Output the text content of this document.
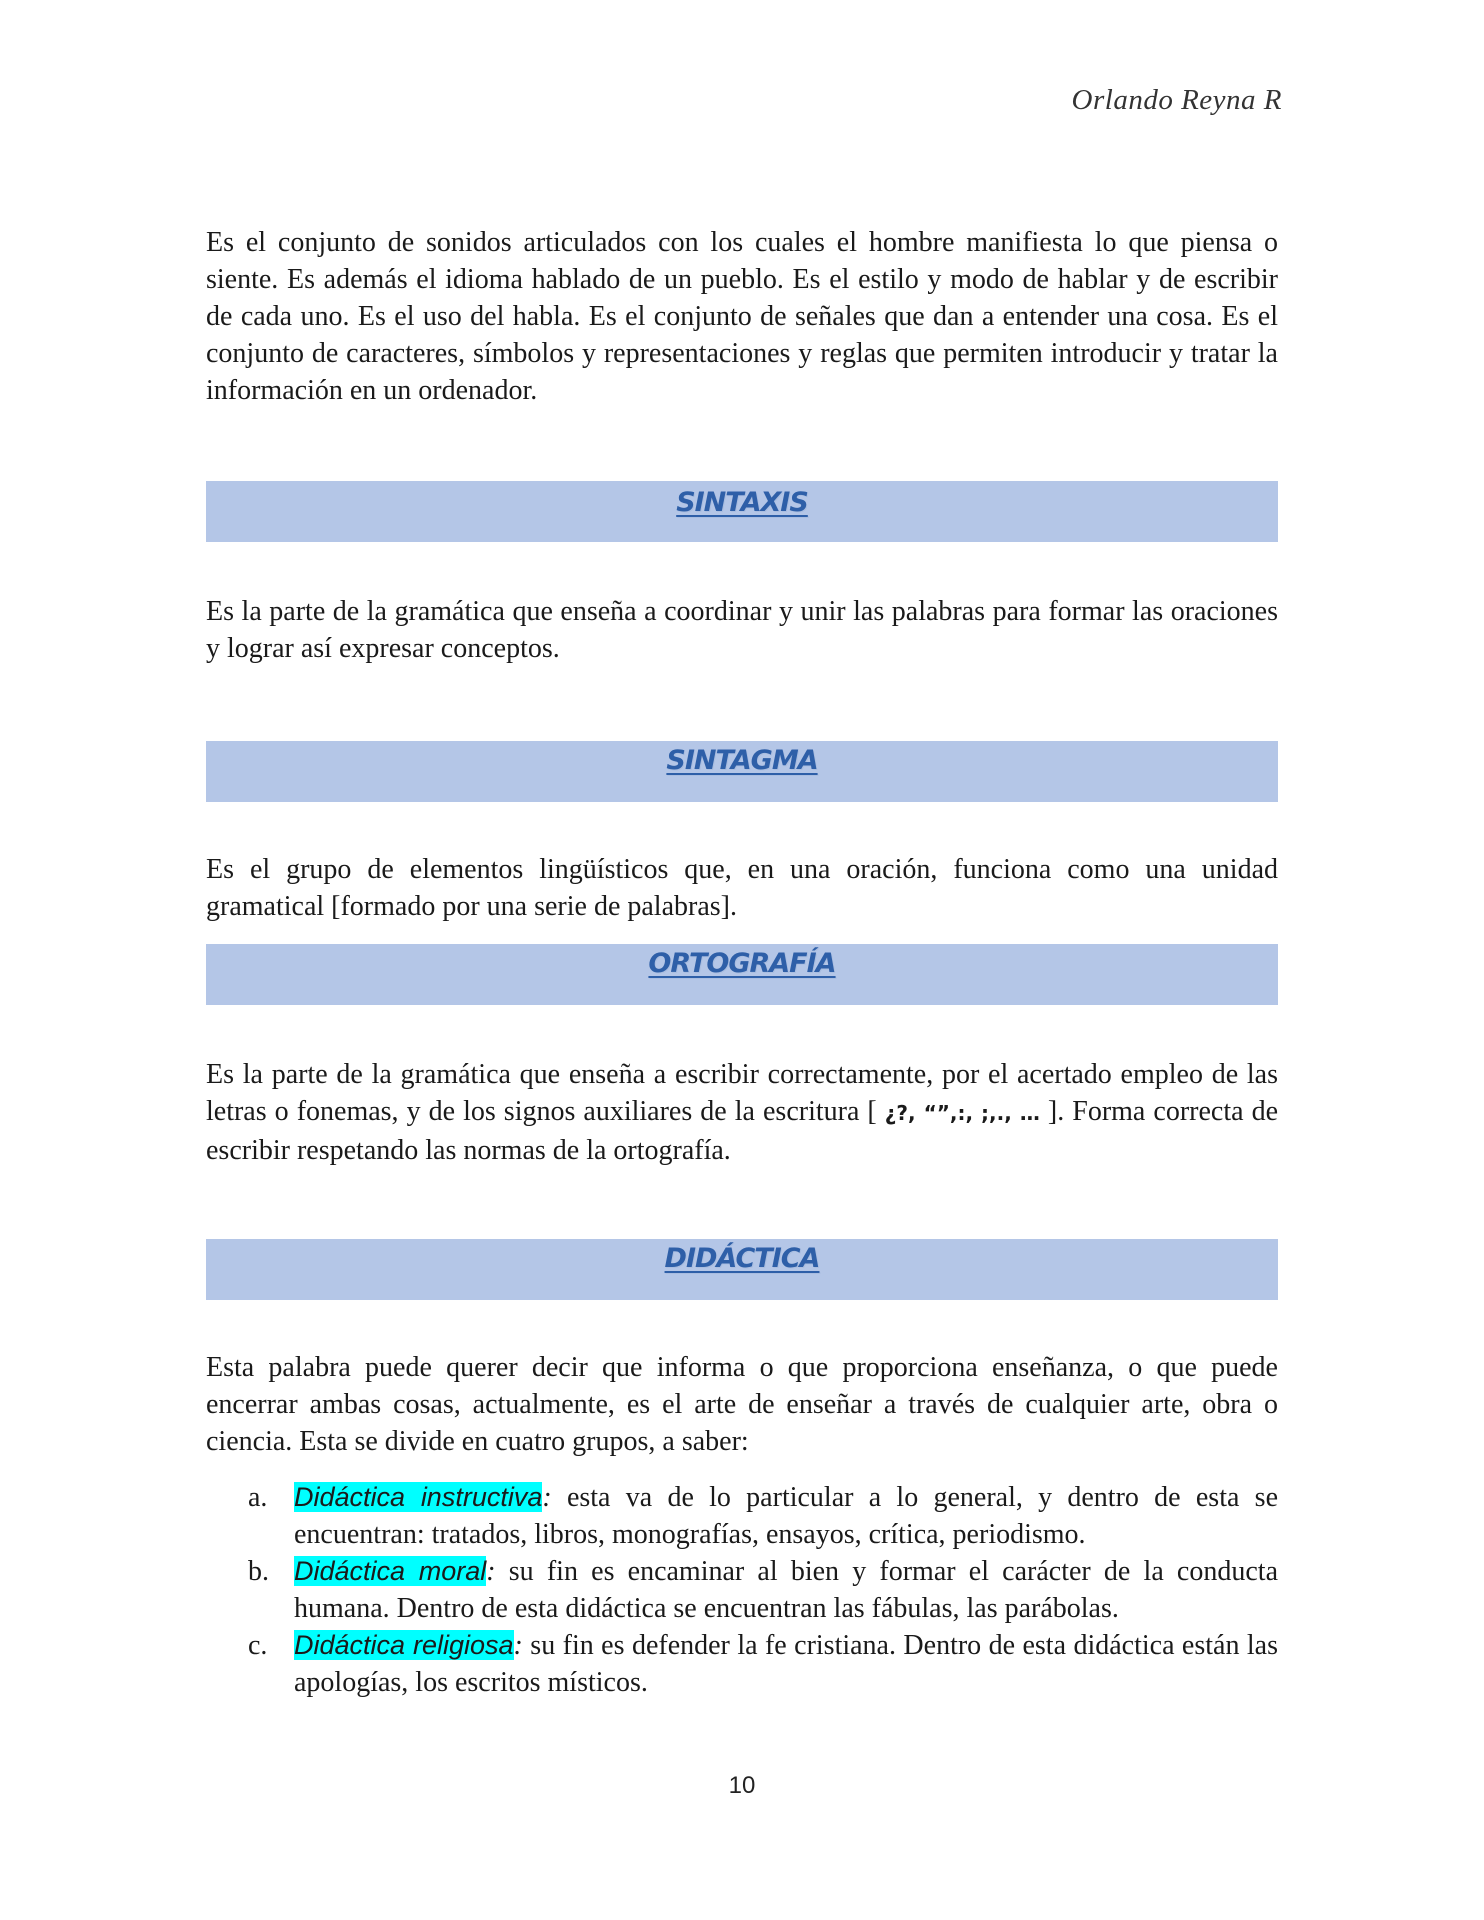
Orlando Reyna R

Es el conjunto de sonidos articulados con los cuales el hombre manifiesta lo que piensa o siente. Es además el idioma hablado de un pueblo. Es el estilo y modo de hablar y de escribir de cada uno. Es el uso del habla. Es el conjunto de señales que dan a entender una cosa. Es el conjunto de caracteres, símbolos y representaciones y reglas que permiten introducir y tratar la información en un ordenador.

SINTAXIS

Es la parte de la gramática que enseña a coordinar y unir las palabras para formar las oraciones y lograr así expresar conceptos.

SINTAGMA

Es el grupo de elementos lingüísticos que, en una oración, funciona como una unidad gramatical [formado por una serie de palabras].

ORTOGRAFÍA

Es la parte de la gramática que enseña a escribir correctamente, por el acertado empleo de las letras o fonemas, y de los signos auxiliares de la escritura [ ¿?, “”,:, ;,., … ]. Forma correcta de escribir respetando las normas de la ortografía.

DIDÁCTICA

Esta palabra puede querer decir que informa o que proporciona enseñanza, o que puede encerrar ambas cosas, actualmente, es el arte de enseñar a través de cualquier arte, obra o ciencia. Esta se divide en cuatro grupos, a saber:

a. Didáctica instructiva: esta va de lo particular a lo general, y dentro de esta se encuentran: tratados, libros, monografías, ensayos, crítica, periodismo.
b. Didáctica moral: su fin es encaminar al bien y formar el carácter de la conducta humana. Dentro de esta didáctica se encuentran las fábulas, las parábolas.
c. Didáctica religiosa: su fin es defender la fe cristiana. Dentro de esta didáctica están las apologías, los escritos místicos.
10
